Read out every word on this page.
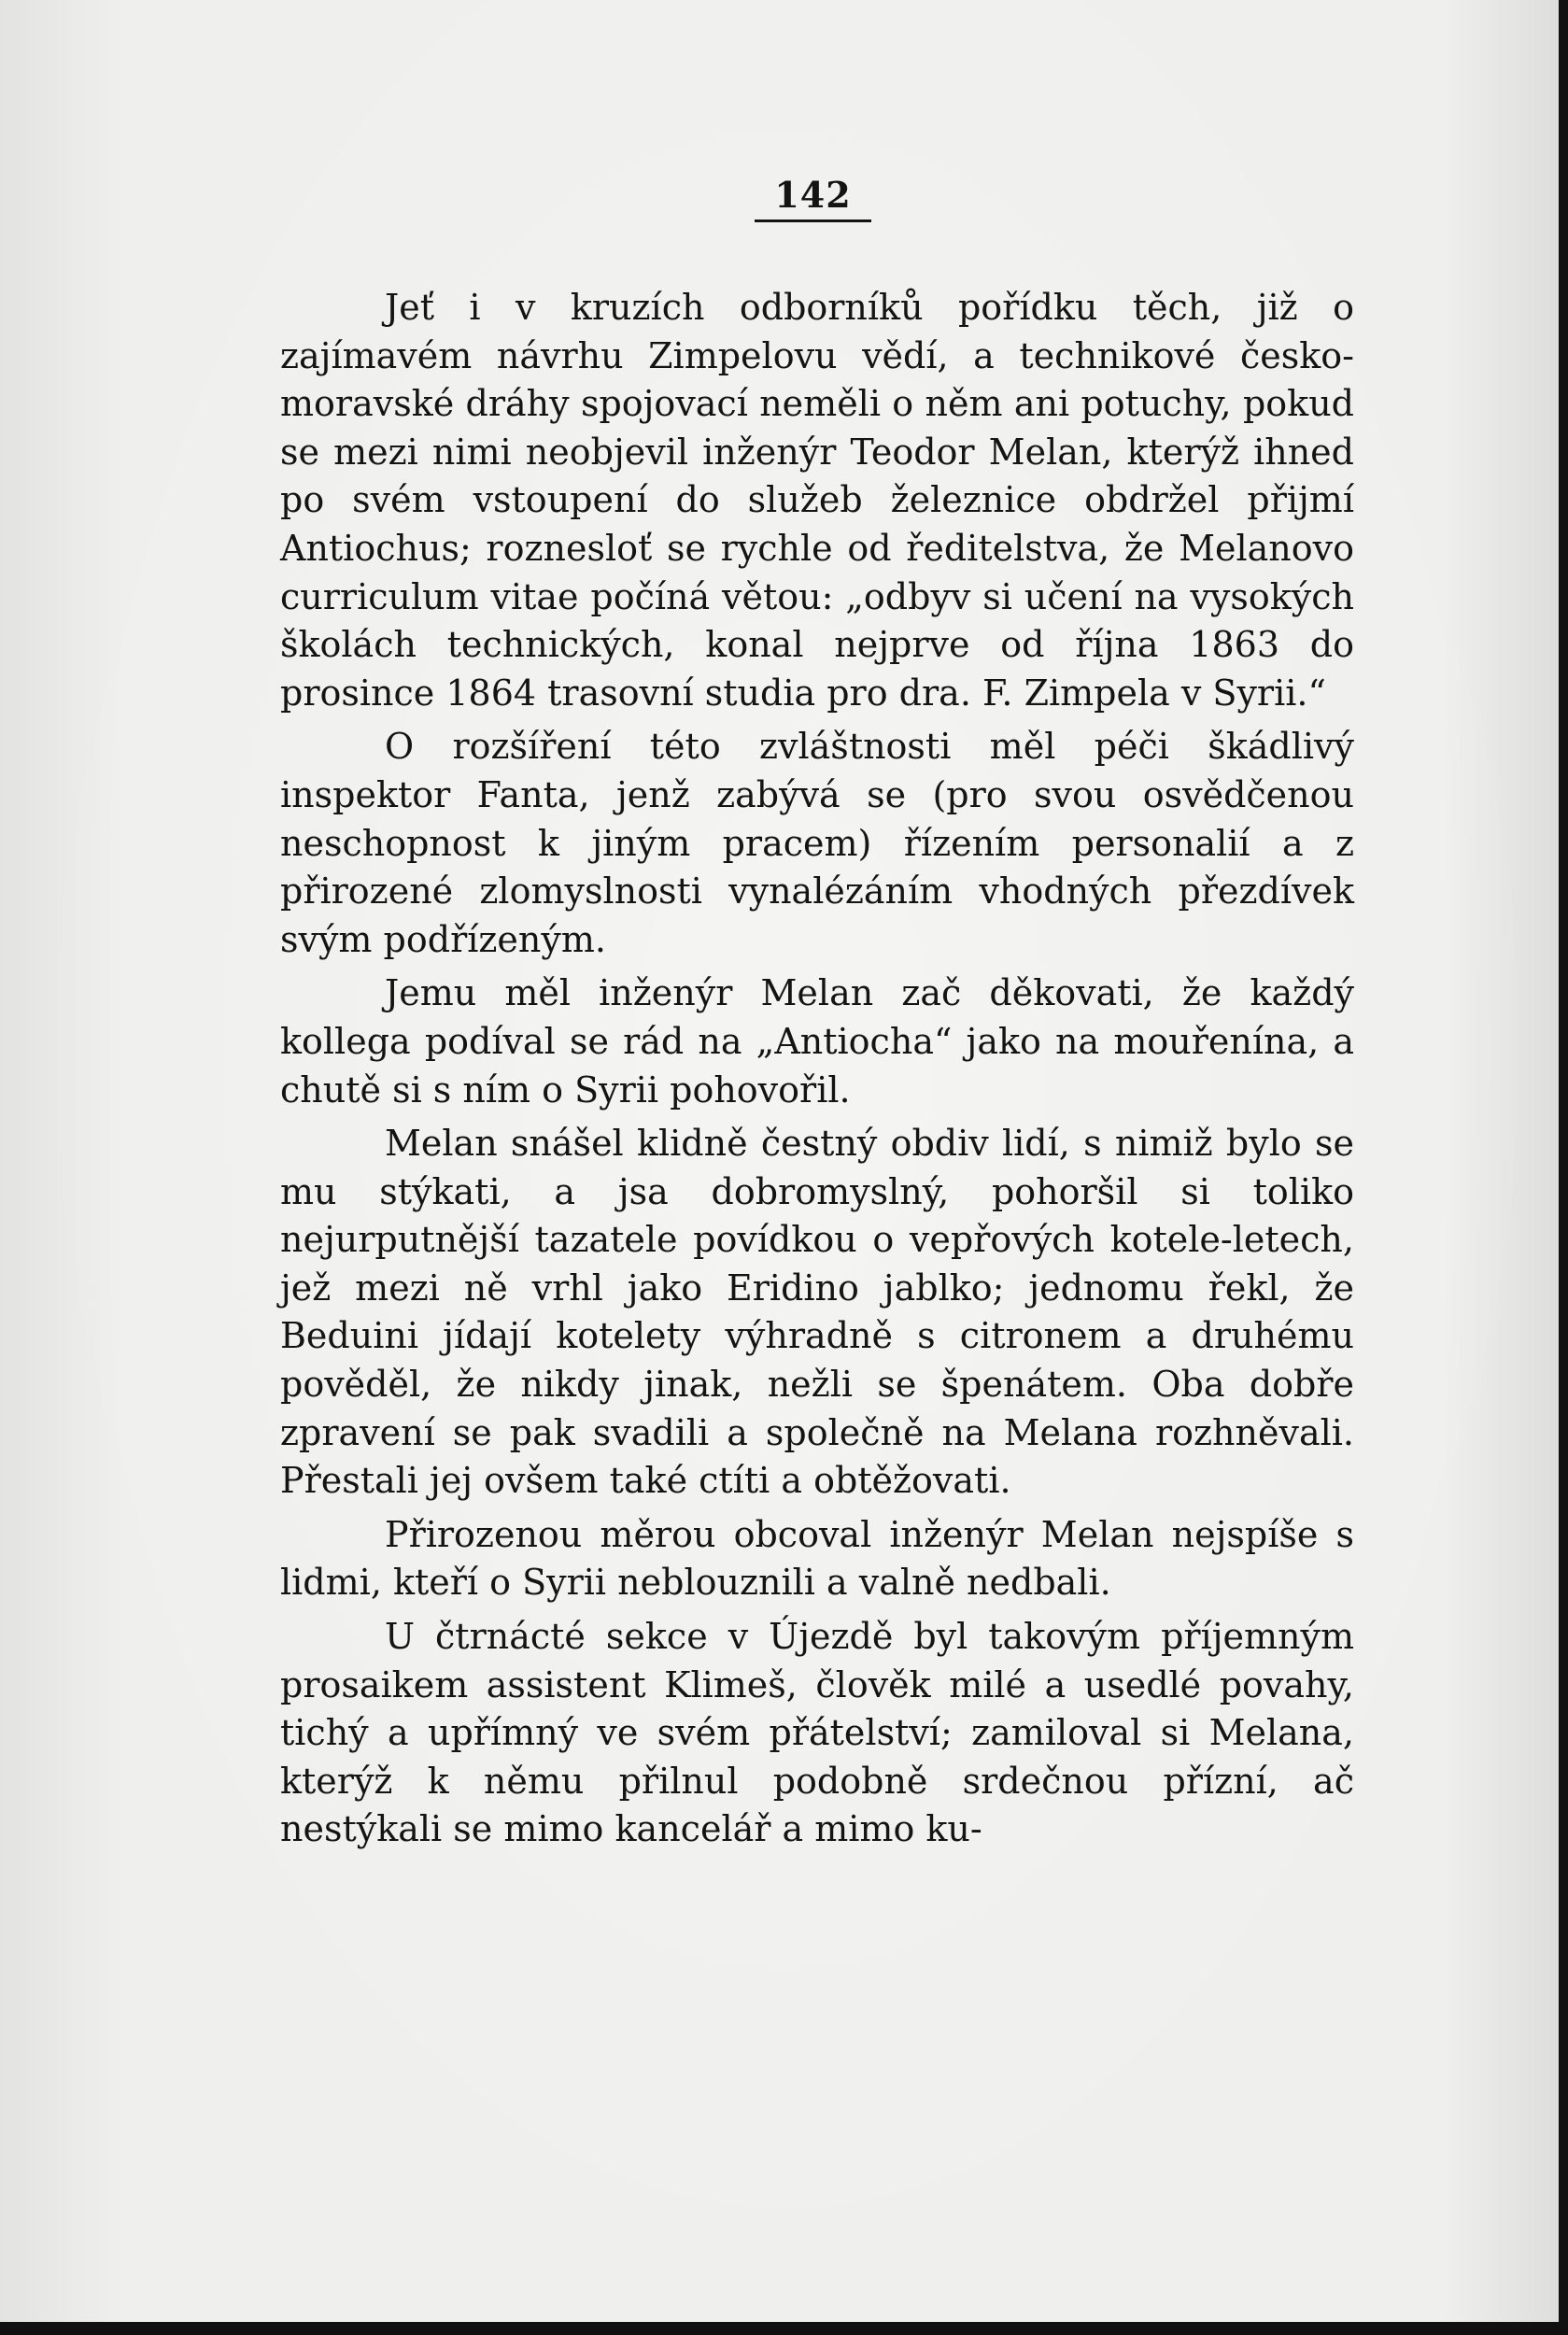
142

Jeť i v kruzích odborníků pořídku těch, již o zajímavém návrhu Zimpelovu vědí, a technikové česko-moravské dráhy spojovací neměli o něm ani potuchy, pokud se mezi nimi neobjevil inženýr Teodor Melan, kterýž ihned po svém vstoupení do služeb železnice obdržel přijmí Antiochus; roznesloť se rychle od ředitelstva, že Melanovo curriculum vitae počíná větou: „odbyv si učení na vysokých školách technických, konal nejprve od října 1863 do prosince 1864 trasovní studia pro dra. F. Zimpela v Syrii.“

O rozšíření této zvláštnosti měl péči škádlivý inspektor Fanta, jenž zabývá se (pro svou osvědčenou neschopnost k jiným pracem) řízením personalií a z přirozené zlomyslnosti vynalézáním vhodných přezdívek svým podřízeným.

Jemu měl inženýr Melan zač děkovati, že každý kollega podíval se rád na „Antiocha“ jako na mouřenína, a chutě si s ním o Syrii pohovořil.

Melan snášel klidně čestný obdiv lidí, s nimiž bylo se mu stýkati, a jsa dobromyslný, pohoršil si toliko nejurputnější tazatele povídkou o vepřových kotele-letech, jež mezi ně vrhl jako Eridino jablko; jednomu řekl, že Beduini jídají kotelety výhradně s citronem a druhému pověděl, že nikdy jinak, nežli se špenátem. Oba dobře zpravení se pak svadili a společně na Melana rozhněvali. Přestali jej ovšem také ctíti a obtěžovati.

Přirozenou měrou obcoval inženýr Melan nejspíše s lidmi, kteří o Syrii neblouznili a valně nedbali.

U čtrnácté sekce v Újezdě byl takovým příjemným prosaikem assistent Klimeš, člověk milé a usedlé povahy, tichý a upřímný ve svém přátelství; zamiloval si Melana, kterýž k němu přilnul podobně srdečnou přízní, ač nestýkali se mimo kancelář a mimo ku-
